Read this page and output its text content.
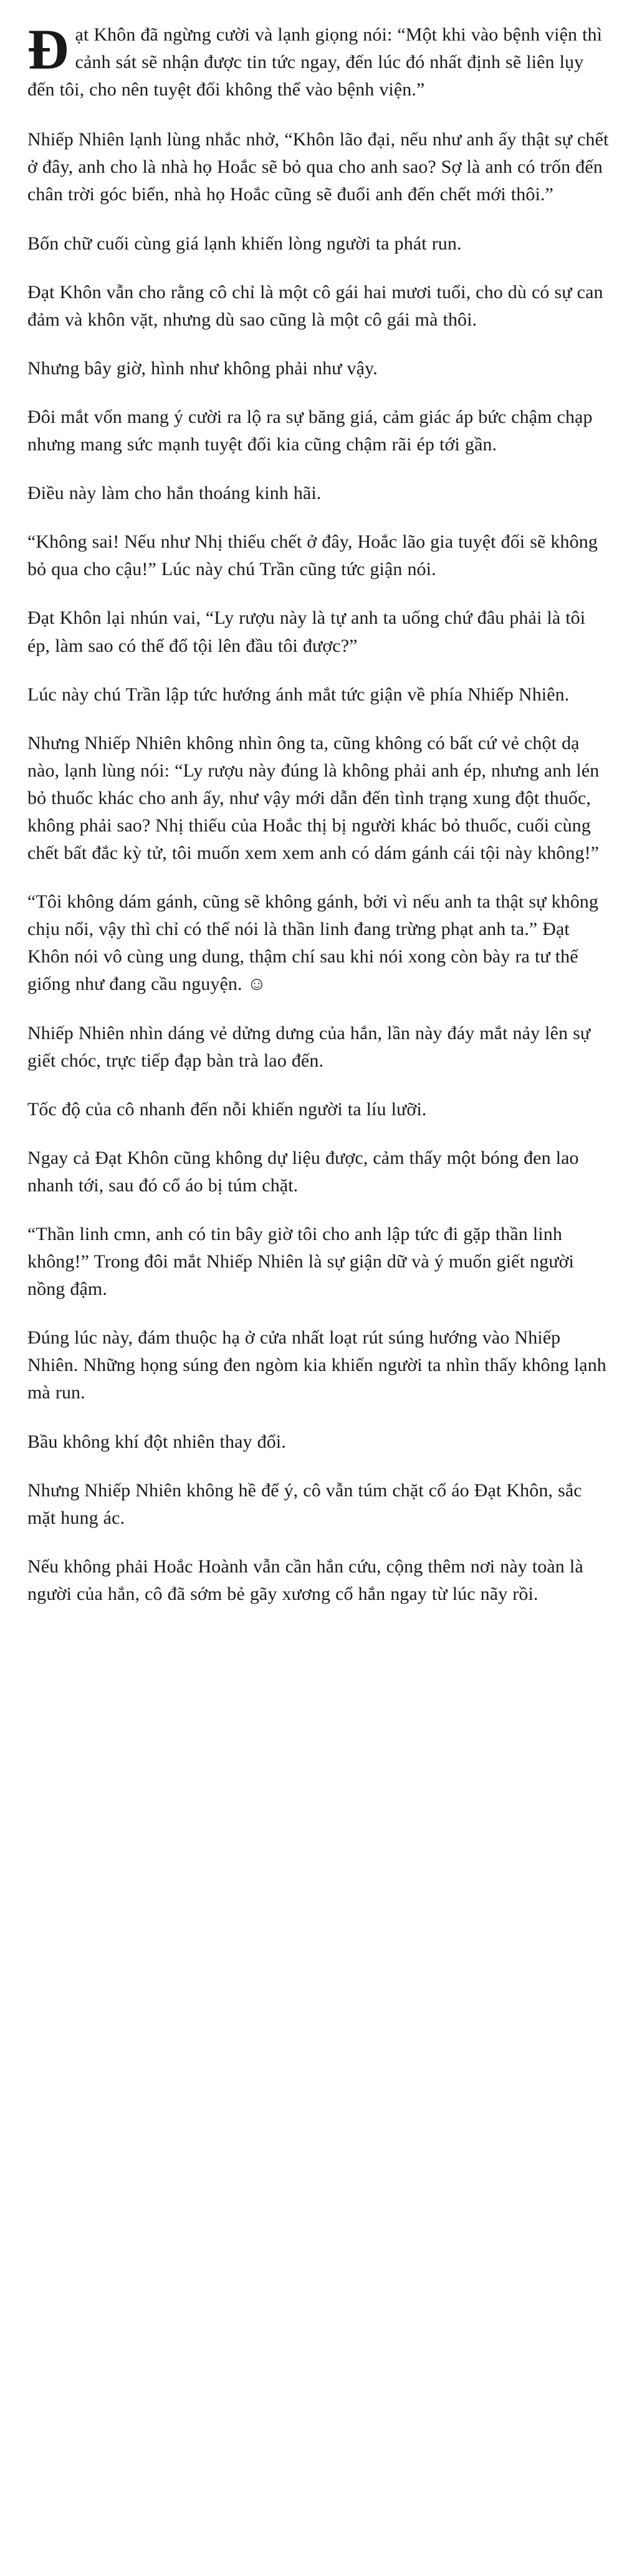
Đạt Khôn đã ngừng cười và lạnh giọng nói: “Một khi vào bệnh viện thì cảnh sát sẽ nhận được tin tức ngay, đến lúc đó nhất định sẽ liên lụy đến tôi, cho nên tuyệt đối không thể vào bệnh viện.”

Nhiếp Nhiên lạnh lùng nhắc nhở, “Khôn lão đại, nếu như anh ấy thật sự chết ở đây, anh cho là nhà họ Hoắc sẽ bỏ qua cho anh sao? Sợ là anh có trốn đến chân trời góc biển, nhà họ Hoắc cũng sẽ đuổi anh đến chết mới thôi.”

Bốn chữ cuối cùng giá lạnh khiến lòng người ta phát run.

Đạt Khôn vẫn cho rằng cô chỉ là một cô gái hai mươi tuổi, cho dù có sự can đảm và khôn vặt, nhưng dù sao cũng là một cô gái mà thôi.

Nhưng bây giờ, hình như không phải như vậy.

Đôi mắt vốn mang ý cười ra lộ ra sự băng giá, cảm giác áp bức chậm chạp nhưng mang sức mạnh tuyệt đối kia cũng chậm rãi ép tới gần.

Điều này làm cho hắn thoáng kinh hãi.

“Không sai! Nếu như Nhị thiếu chết ở đây, Hoắc lão gia tuyệt đối sẽ không bỏ qua cho cậu!” Lúc này chú Trần cũng tức giận nói.

Đạt Khôn lại nhún vai, “Ly rượu này là tự anh ta uống chứ đâu phải là tôi ép, làm sao có thể đổ tội lên đầu tôi được?”

Lúc này chú Trần lập tức hướng ánh mắt tức giận về phía Nhiếp Nhiên.

Nhưng Nhiếp Nhiên không nhìn ông ta, cũng không có bất cứ vẻ chột dạ nào, lạnh lùng nói: “Ly rượu này đúng là không phải anh ép, nhưng anh lén bỏ thuốc khác cho anh ấy, như vậy mới dẫn đến tình trạng xung đột thuốc, không phải sao? Nhị thiếu của Hoắc thị bị người khác bỏ thuốc, cuối cùng chết bất đắc kỳ tử, tôi muốn xem xem anh có dám gánh cái tội này không!”

“Tôi không dám gánh, cũng sẽ không gánh, bởi vì nếu anh ta thật sự không chịu nổi, vậy thì chỉ có thể nói là thần linh đang trừng phạt anh ta.” Đạt Khôn nói vô cùng ung dung, thậm chí sau khi nói xong còn bày ra tư thế giống như đang cầu nguyện. ☺

Nhiếp Nhiên nhìn dáng vẻ dửng dưng của hắn, lần này đáy mắt nảy lên sự giết chóc, trực tiếp đạp bàn trà lao đến.

Tốc độ của cô nhanh đến nỗi khiến người ta líu lưỡi.

Ngay cả Đạt Khôn cũng không dự liệu được, cảm thấy một bóng đen lao nhanh tới, sau đó cổ áo bị túm chặt.

“Thần linh cmn, anh có tin bây giờ tôi cho anh lập tức đi gặp thần linh không!” Trong đôi mắt Nhiếp Nhiên là sự giận dữ và ý muốn giết người nồng đậm.

Đúng lúc này, đám thuộc hạ ở cửa nhất loạt rút súng hướng vào Nhiếp Nhiên. Những họng súng đen ngòm kia khiến người ta nhìn thấy không lạnh mà run.

Bầu không khí đột nhiên thay đổi.

Nhưng Nhiếp Nhiên không hề để ý, cô vẫn túm chặt cổ áo Đạt Khôn, sắc mặt hung ác.

Nếu không phải Hoắc Hoành vẫn cần hắn cứu, cộng thêm nơi này toàn là người của hắn, cô đã sớm bẻ gãy xương cổ hắn ngay từ lúc nãy rồi.
